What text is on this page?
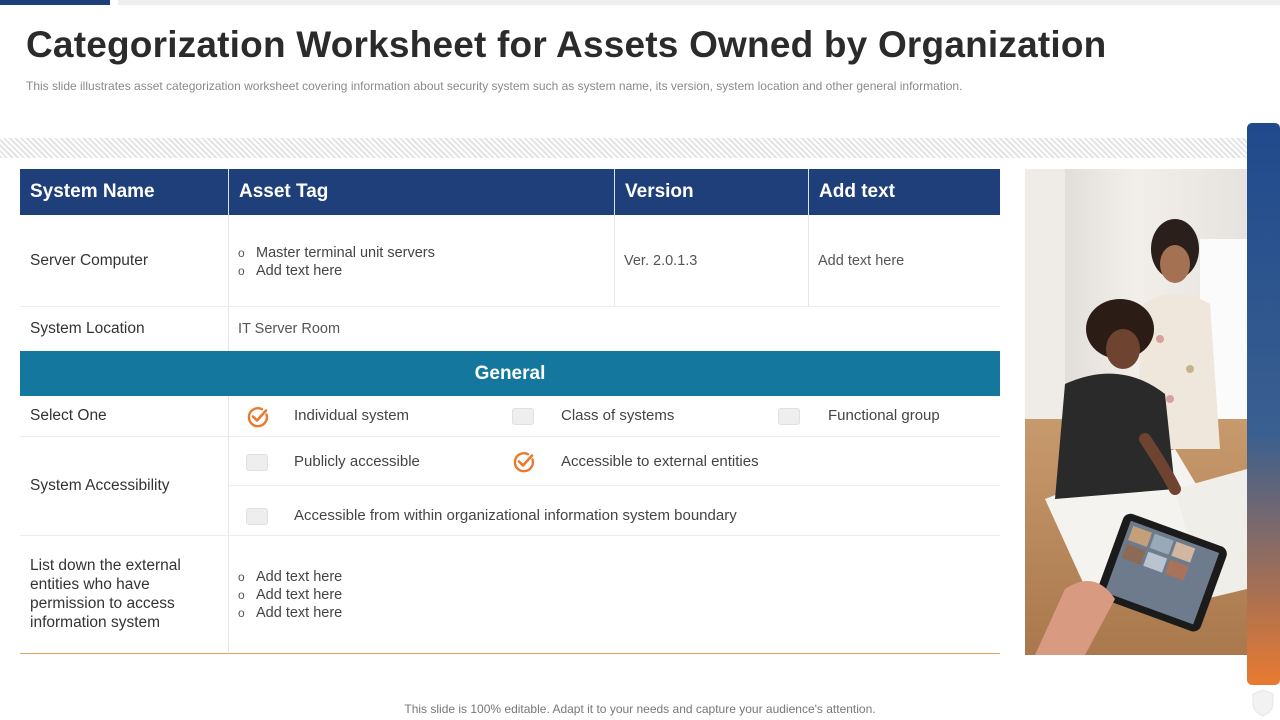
Categorization Worksheet for Assets Owned by Organization

This slide illustrates asset categorization worksheet covering information about security system such as system name, its version, system location and other general information.

System Name	Asset Tag	Version	Add text
Server Computer
o	Master terminal unit servers
o Add text here
Ver. 2.0.1.3	Add text here
System Location	IT Server Room
General
Select One	Individual system	Class of systems	Functional group
System Accessibility
Publicly accessible	Accessible to external entities
Accessible from within organizational information system boundary
List down the external entities who have permission to access information system
o Add text here
o Add text here
o Add text here
This slide is 100% editable. Adapt it to your needs and capture your audience's attention.
